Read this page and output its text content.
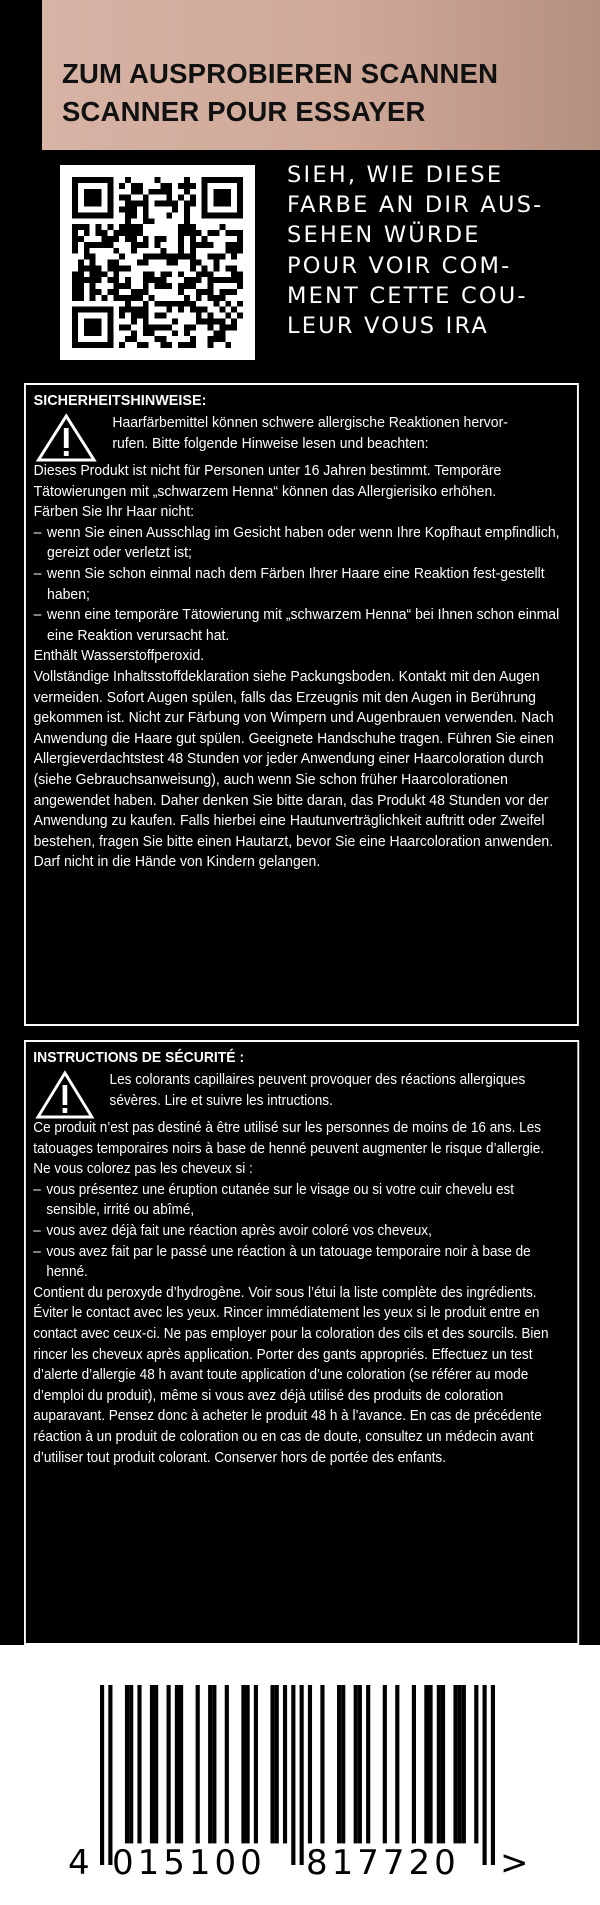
ZUM AUSPROBIEREN SCANNEN
SCANNER POUR ESSAYER
SIEH, WIE DIESE
FARBE AN DIR AUS-
SEHEN WÜRDE
POUR VOIR COM-
MENT CETTE COU-
LEUR VOUS IRA
SICHERHEITSHINWEISE:
Haarfärbemittel können schwere allergische Reaktionen hervor-
rufen. Bitte folgende Hinweise lesen und beachten:
Dieses Produkt ist nicht für Personen unter 16 Jahren bestimmt. Temporäre Tätowierungen mit „schwarzem Henna“ können das Allergierisiko erhöhen.
Färben Sie Ihr Haar nicht:
– wenn Sie einen Ausschlag im Gesicht haben oder wenn Ihre Kopfhaut empfindlich, gereizt oder verletzt ist;
– wenn Sie schon einmal nach dem Färben Ihrer Haare eine Reaktion fest-gestellt haben;
– wenn eine temporäre Tätowierung mit „schwarzem Henna“ bei Ihnen schon einmal eine Reaktion verursacht hat.
Enthält Wasserstoffperoxid.
Vollständige Inhaltsstoffdeklaration siehe Packungsboden. Kontakt mit den Augen vermeiden. Sofort Augen spülen, falls das Erzeugnis mit den Augen in Berührung gekommen ist. Nicht zur Färbung von Wimpern und Augenbrauen verwenden. Nach Anwendung die Haare gut spülen. Geeignete Handschuhe tragen. Führen Sie einen Allergieverdachtstest 48 Stunden vor jeder Anwendung einer Haarcoloration durch (siehe Gebrauchsanweisung), auch wenn Sie schon früher Haarcolorationen angewendet haben. Daher denken Sie bitte daran, das Produkt 48 Stunden vor der Anwendung zu kaufen. Falls hierbei eine Hautunverträglichkeit auftritt oder Zweifel bestehen, fragen Sie bitte einen Hautarzt, bevor Sie eine Haarcoloration anwenden.
Darf nicht in die Hände von Kindern gelangen.
INSTRUCTIONS DE SÉCURITÉ :
Les colorants capillaires peuvent provoquer des réactions allergiques
sévères. Lire et suivre les intructions.
Ce produit n’est pas destiné à être utilisé sur les personnes de moins de 16 ans. Les tatouages temporaires noirs à base de henné peuvent augmenter le risque d’allergie.
Ne vous colorez pas les cheveux si :
– vous présentez une éruption cutanée sur le visage ou si votre cuir chevelu est sensible, irrité ou abîmé,
– vous avez déjà fait une réaction après avoir coloré vos cheveux,
– vous avez fait par le passé une réaction à un tatouage temporaire noir à base de henné.
Contient du peroxyde d’hydrogène. Voir sous l’étui la liste complète des ingrédients. Éviter le contact avec les yeux. Rincer immédiatement les yeux si le produit entre en contact avec ceux-ci. Ne pas employer pour la coloration des cils et des sourcils. Bien rincer les cheveux après application. Porter des gants appropriés. Effectuez un test d’alerte d’allergie 48 h avant toute application d’une coloration (se référer au mode d’emploi du produit), même si vous avez déjà utilisé des produits de coloration auparavant. Pensez donc à acheter le produit 48 h à l’avance. En cas de précédente réaction à un produit de coloration ou en cas de doute, consultez un médecin avant d’utiliser tout produit colorant. Conserver hors de portée des enfants.
4 015100 817720 >
